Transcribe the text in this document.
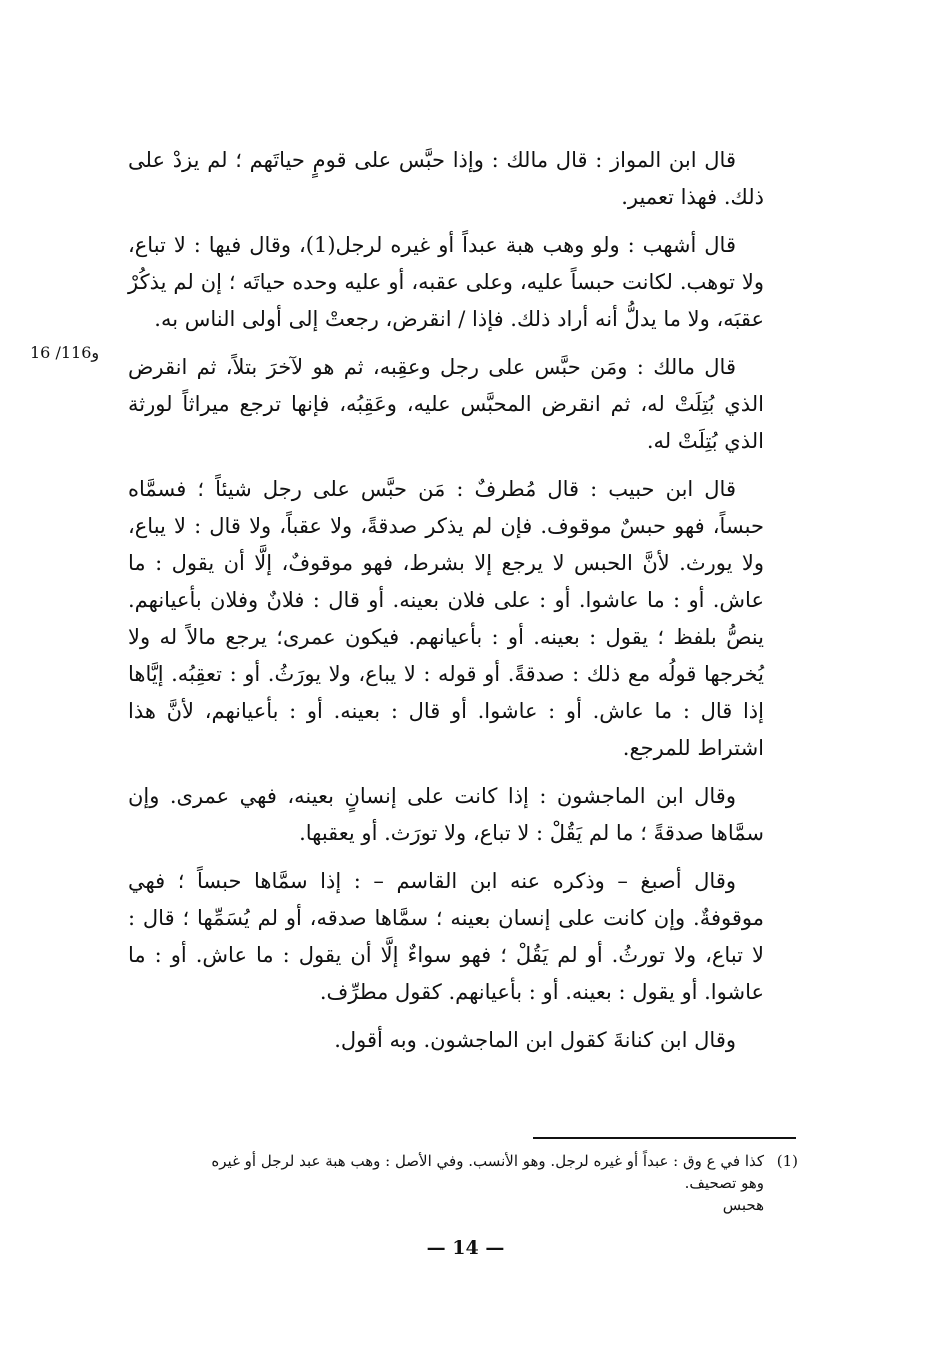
قال ابن المواز : قال مالك : وإذا حبَّس على قومٍ حياتَهم ؛ لم يزدْ على ذلك. فهذا تعمير.

قال أشهب : ولو وهب هبة عبداً أو غيره لرجل(1)، وقال فيها : لا تباع، ولا توهب. لكانت حبساً عليه، وعلى عقبه، أو عليه وحده حياتَه ؛ إن لم يذكُرْ عقبَه، ولا ما يدلُّ أنه أراد ذلك. فإذا / انقرض، رجعتْ إلى أولى الناس به.

قال مالك : ومَن حبَّس على رجل وعقِبه، ثم هو لآخرَ بتلاً، ثم انقرض الذي بُتِلَتْ له، ثم انقرض المحبَّس عليه، وعَقِبُه، فإنها ترجع ميراثاً لورثة الذي بُتِلَتْ له.

قال ابن حبيب : قال مُطرفٌ : مَن حبَّس على رجل شيئاً ؛ فسمَّاه حبساً، فهو حبسٌ موقوف. فإن لم يذكر صدقةً، ولا عقباً، ولا قال : لا يباع، ولا يورث. لأنَّ الحبس لا يرجع إلا بشرط، فهو موقوفٌ، إلَّا أن يقول : ما عاش. أو : ما عاشوا. أو : على فلان بعينه. أو قال : فلانٌ وفلان بأعيانهم. ينصُّ بلفظ ؛ يقول : بعينه. أو : بأعيانهم. فيكون عمرى؛ يرجع مالاً له ولا يُخرجها قولُه مع ذلك : صدقةً. أو قوله : لا يباع، ولا يورَثُ. أو : تعقِبُه. إيَّاها إذا قال : ما عاش. أو : عاشوا. أو قال : بعينه. أو : بأعيانهم، لأنَّ هذا اشتراط للمرجع.

وقال ابن الماجشون : إذا كانت على إنسانٍ بعينه، فهي عمرى. وإن سمَّاها صدقةً ؛ ما لم يَقُلْ : لا تباع، ولا تورَث. أو يعقبها.

وقال أصبغ – وذكره عنه ابن القاسم – : إذا سمَّاها حبساً ؛ فهي موقوفةٌ. وإن كانت على إنسان بعينه ؛ سمَّاها صدقه، أو لم يُسَمِّها ؛ قال : لا تباع، ولا تورثُ. أو لم يَقُلْ ؛ فهو سواءٌ إلَّا أن يقول : ما عاش. أو : ما عاشوا. أو يقول : بعينه. أو : بأعيانهم. كقول مطرِّف.

وقال ابن كنانةَ كقول ابن الماجشون. وبه أقول.

16 /116و
(1)
كذا في ع وق : عبداً أو غيره لرجل. وهو الأنسب. وفي الأصل : وهب هبة عبد لرجل أو غيره
وهو تصحيف.
هحبس
— 14 —
